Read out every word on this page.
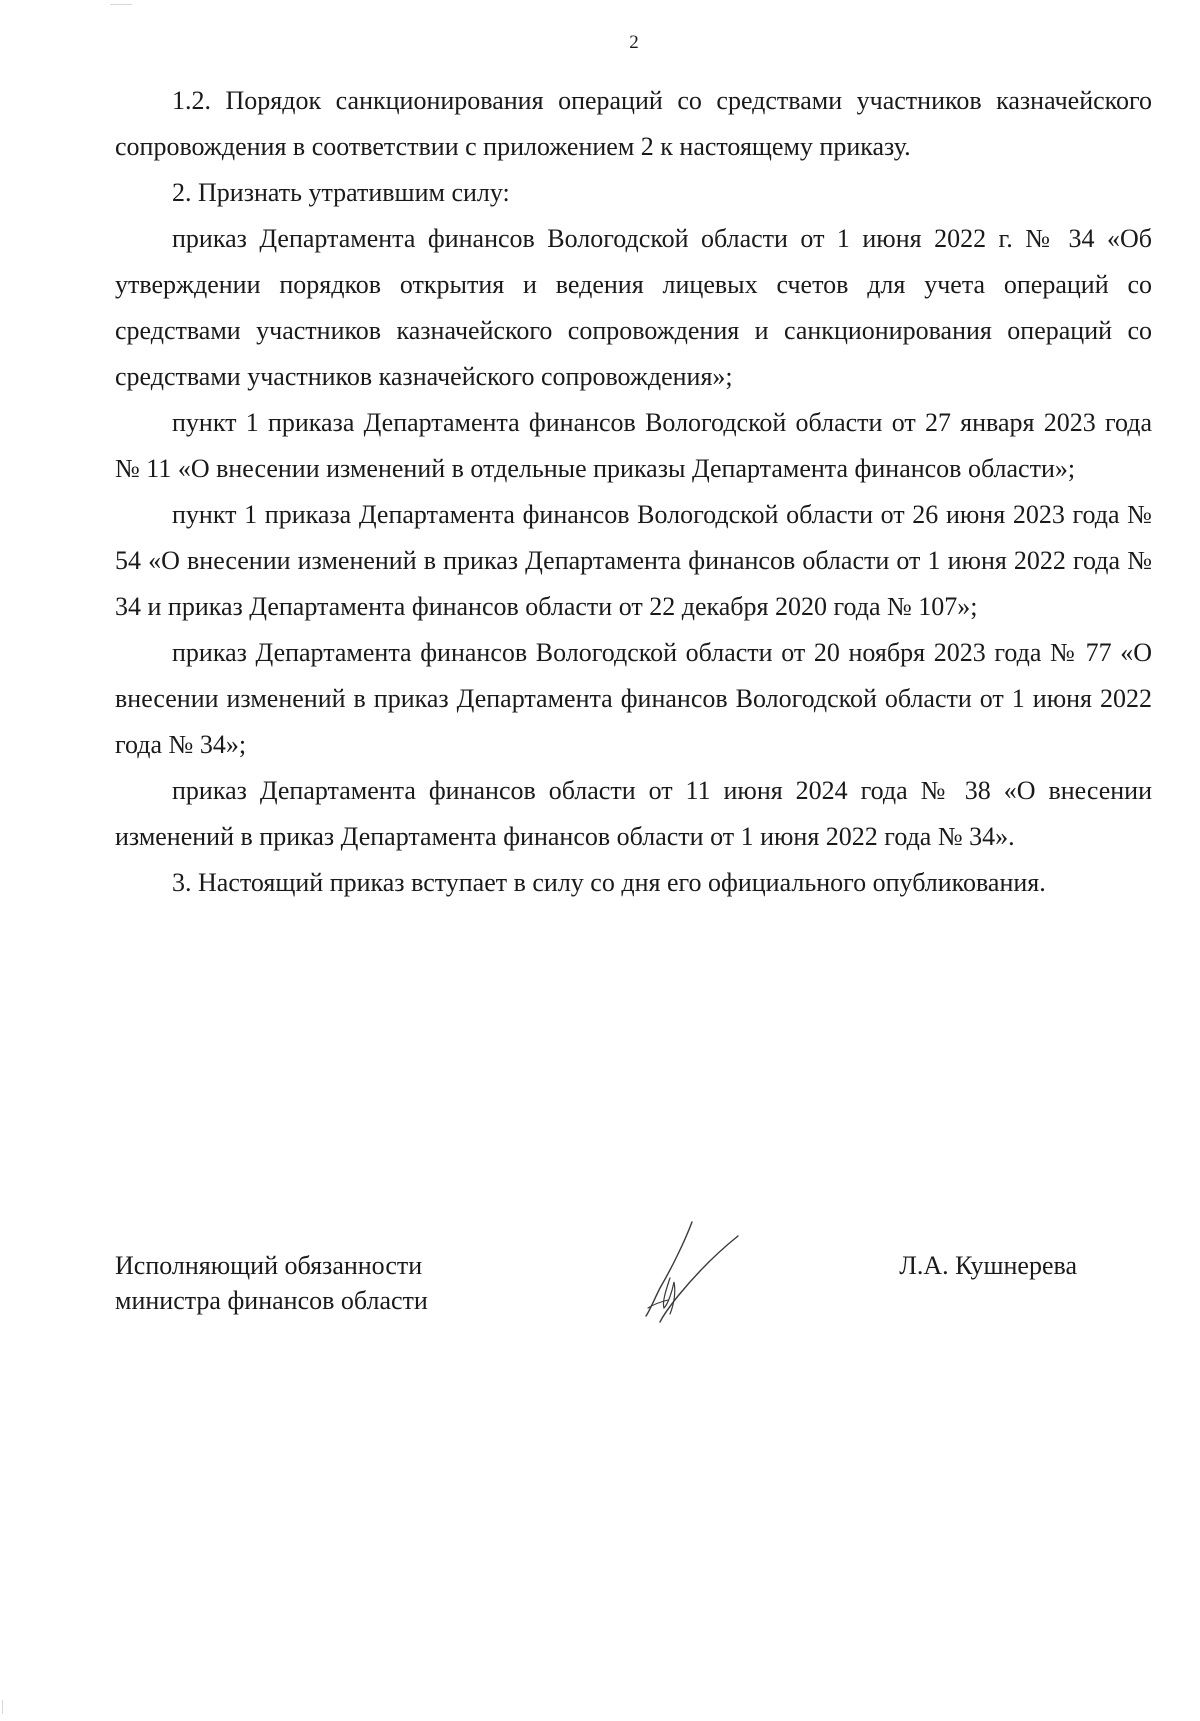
2

1.2. Порядок санкционирования операций со средствами участников казначейского сопровождения в соответствии с приложением 2 к настоящему приказу.

2. Признать утратившим силу:

приказ Департамента финансов Вологодской области от 1 июня 2022 г. № 34 «Об утверждении порядков открытия и ведения лицевых счетов для учета операций со средствами участников казначейского сопровождения и санкционирования операций со средствами участников казначейского сопровождения»;

пункт 1 приказа Департамента финансов Вологодской области от 27 января 2023 года № 11 «О внесении изменений в отдельные приказы Департамента финансов области»;

пункт 1 приказа Департамента финансов Вологодской области от 26 июня 2023 года № 54 «О внесении изменений в приказ Департамента финансов области от 1 июня 2022 года № 34 и приказ Департамента финансов области от 22 декабря 2020 года № 107»;

приказ Департамента финансов Вологодской области от 20 ноября 2023 года № 77 «О внесении изменений в приказ Департамента финансов Вологодской области от 1 июня 2022 года № 34»;

приказ Департамента финансов области от 11 июня 2024 года № 38 «О внесении изменений в приказ Департамента финансов области от 1 июня 2022 года № 34».

3. Настоящий приказ вступает в силу со дня его официального опубликования.

Исполняющий обязанности
министра финансов области
Л.А. Кушнерева
